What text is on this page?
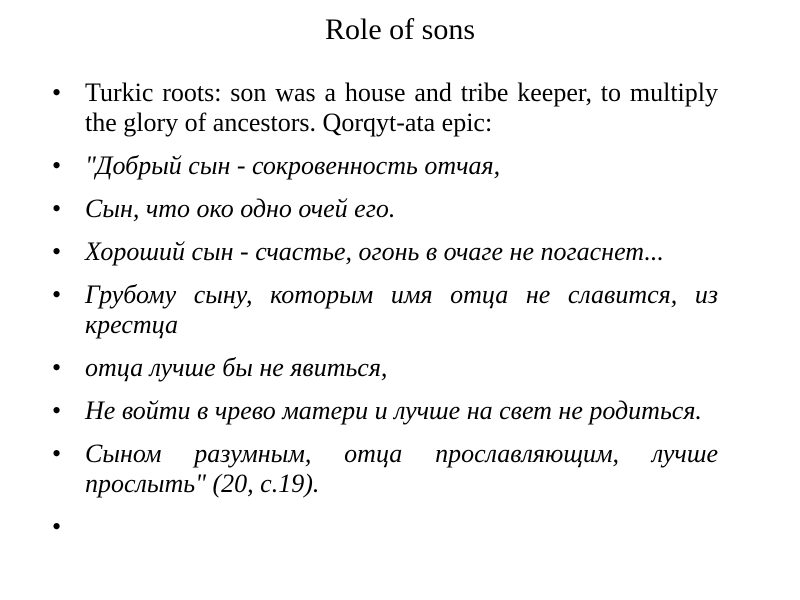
Role of sons
• Turkic roots: son was a house and tribe keeper, to multiply the glory of ancestors. Qorqyt-ata epic:
• "Добрый сын - сокровенность отчая,
• Сын, что око одно очей его.
• Хороший сын - счастье, огонь в очаге не погаснет...
• Грубому сыну, которым имя отца не славится, из крестца
• отца лучше бы не явиться,
• Не войти в чрево матери и лучше на свет не родиться.
• Сыном разумным, отца прославляющим, лучше прослыть" (20, с.19).
•
